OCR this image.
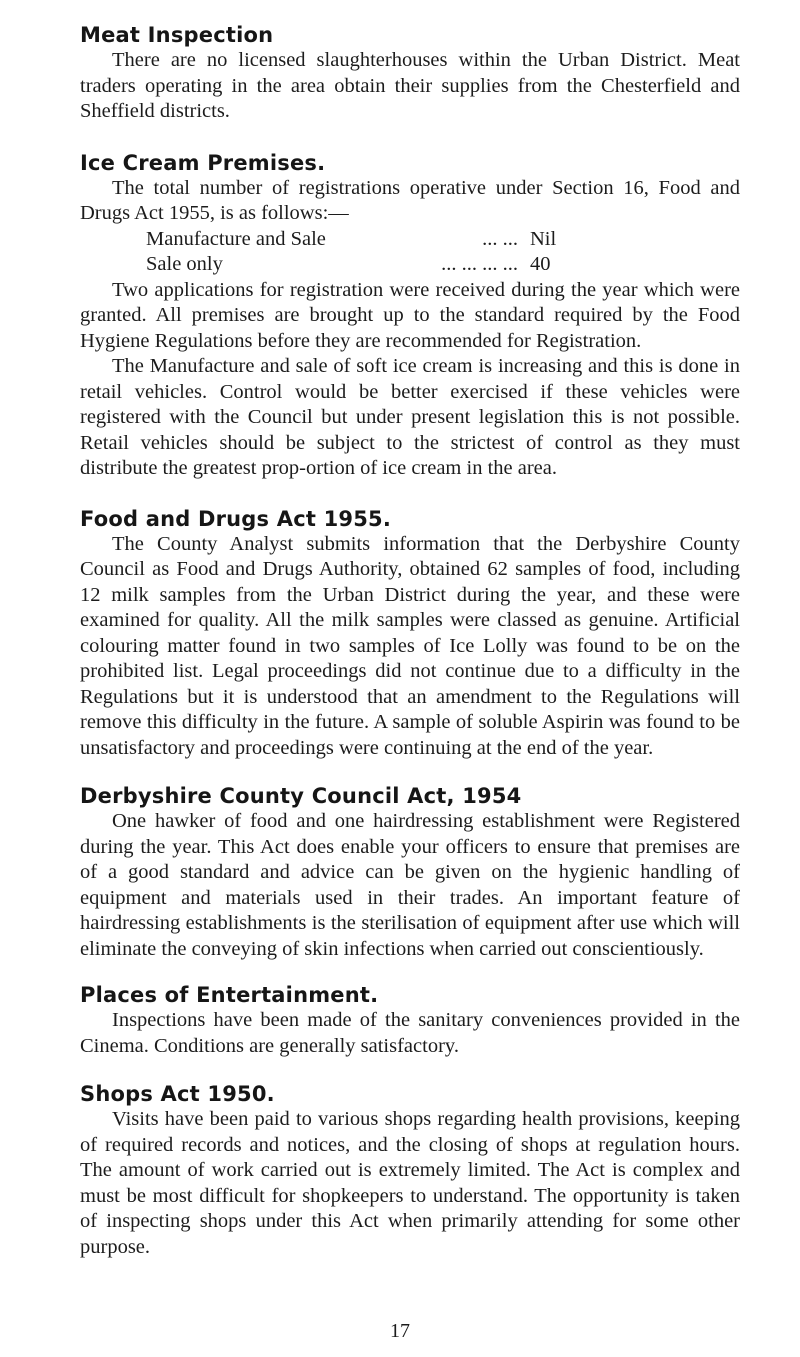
Meat Inspection

There are no licensed slaughterhouses within the Urban District. Meat traders operating in the area obtain their supplies from the Chesterfield and Sheffield districts.

Ice Cream Premises.

The total number of registrations operative under Section 16, Food and Drugs Act 1955, is as follows:—

Manufacture and Sale	... ... Nil
Sale only	... ... ... ... 40

Two applications for registration were received during the year which were granted. All premises are brought up to the standard required by the Food Hygiene Regulations before they are recommended for Registration.

The Manufacture and sale of soft ice cream is increasing and this is done in retail vehicles. Control would be better exercised if these vehicles were registered with the Council but under present legislation this is not possible. Retail vehicles should be subject to the strictest of control as they must distribute the greatest prop-ortion of ice cream in the area.

Food and Drugs Act 1955.

The County Analyst submits information that the Derbyshire County Council as Food and Drugs Authority, obtained 62 samples of food, including 12 milk samples from the Urban District during the year, and these were examined for quality. All the milk samples were classed as genuine. Artificial colouring matter found in two samples of Ice Lolly was found to be on the prohibited list. Legal proceedings did not continue due to a difficulty in the Regulations but it is understood that an amendment to the Regulations will remove this difficulty in the future. A sample of soluble Aspirin was found to be unsatisfactory and proceedings were continuing at the end of the year.

Derbyshire County Council Act, 1954

One hawker of food and one hairdressing establishment were Registered during the year. This Act does enable your officers to ensure that premises are of a good standard and advice can be given on the hygienic handling of equipment and materials used in their trades. An important feature of hairdressing establishments is the sterilisation of equipment after use which will eliminate the conveying of skin infections when carried out conscientiously.

Places of Entertainment.

Inspections have been made of the sanitary conveniences provided in the Cinema. Conditions are generally satisfactory.

Shops Act 1950.

Visits have been paid to various shops regarding health provisions, keeping of required records and notices, and the closing of shops at regulation hours. The amount of work carried out is extremely limited. The Act is complex and must be most difficult for shopkeepers to understand. The opportunity is taken of inspecting shops under this Act when primarily attending for some other purpose.

17
